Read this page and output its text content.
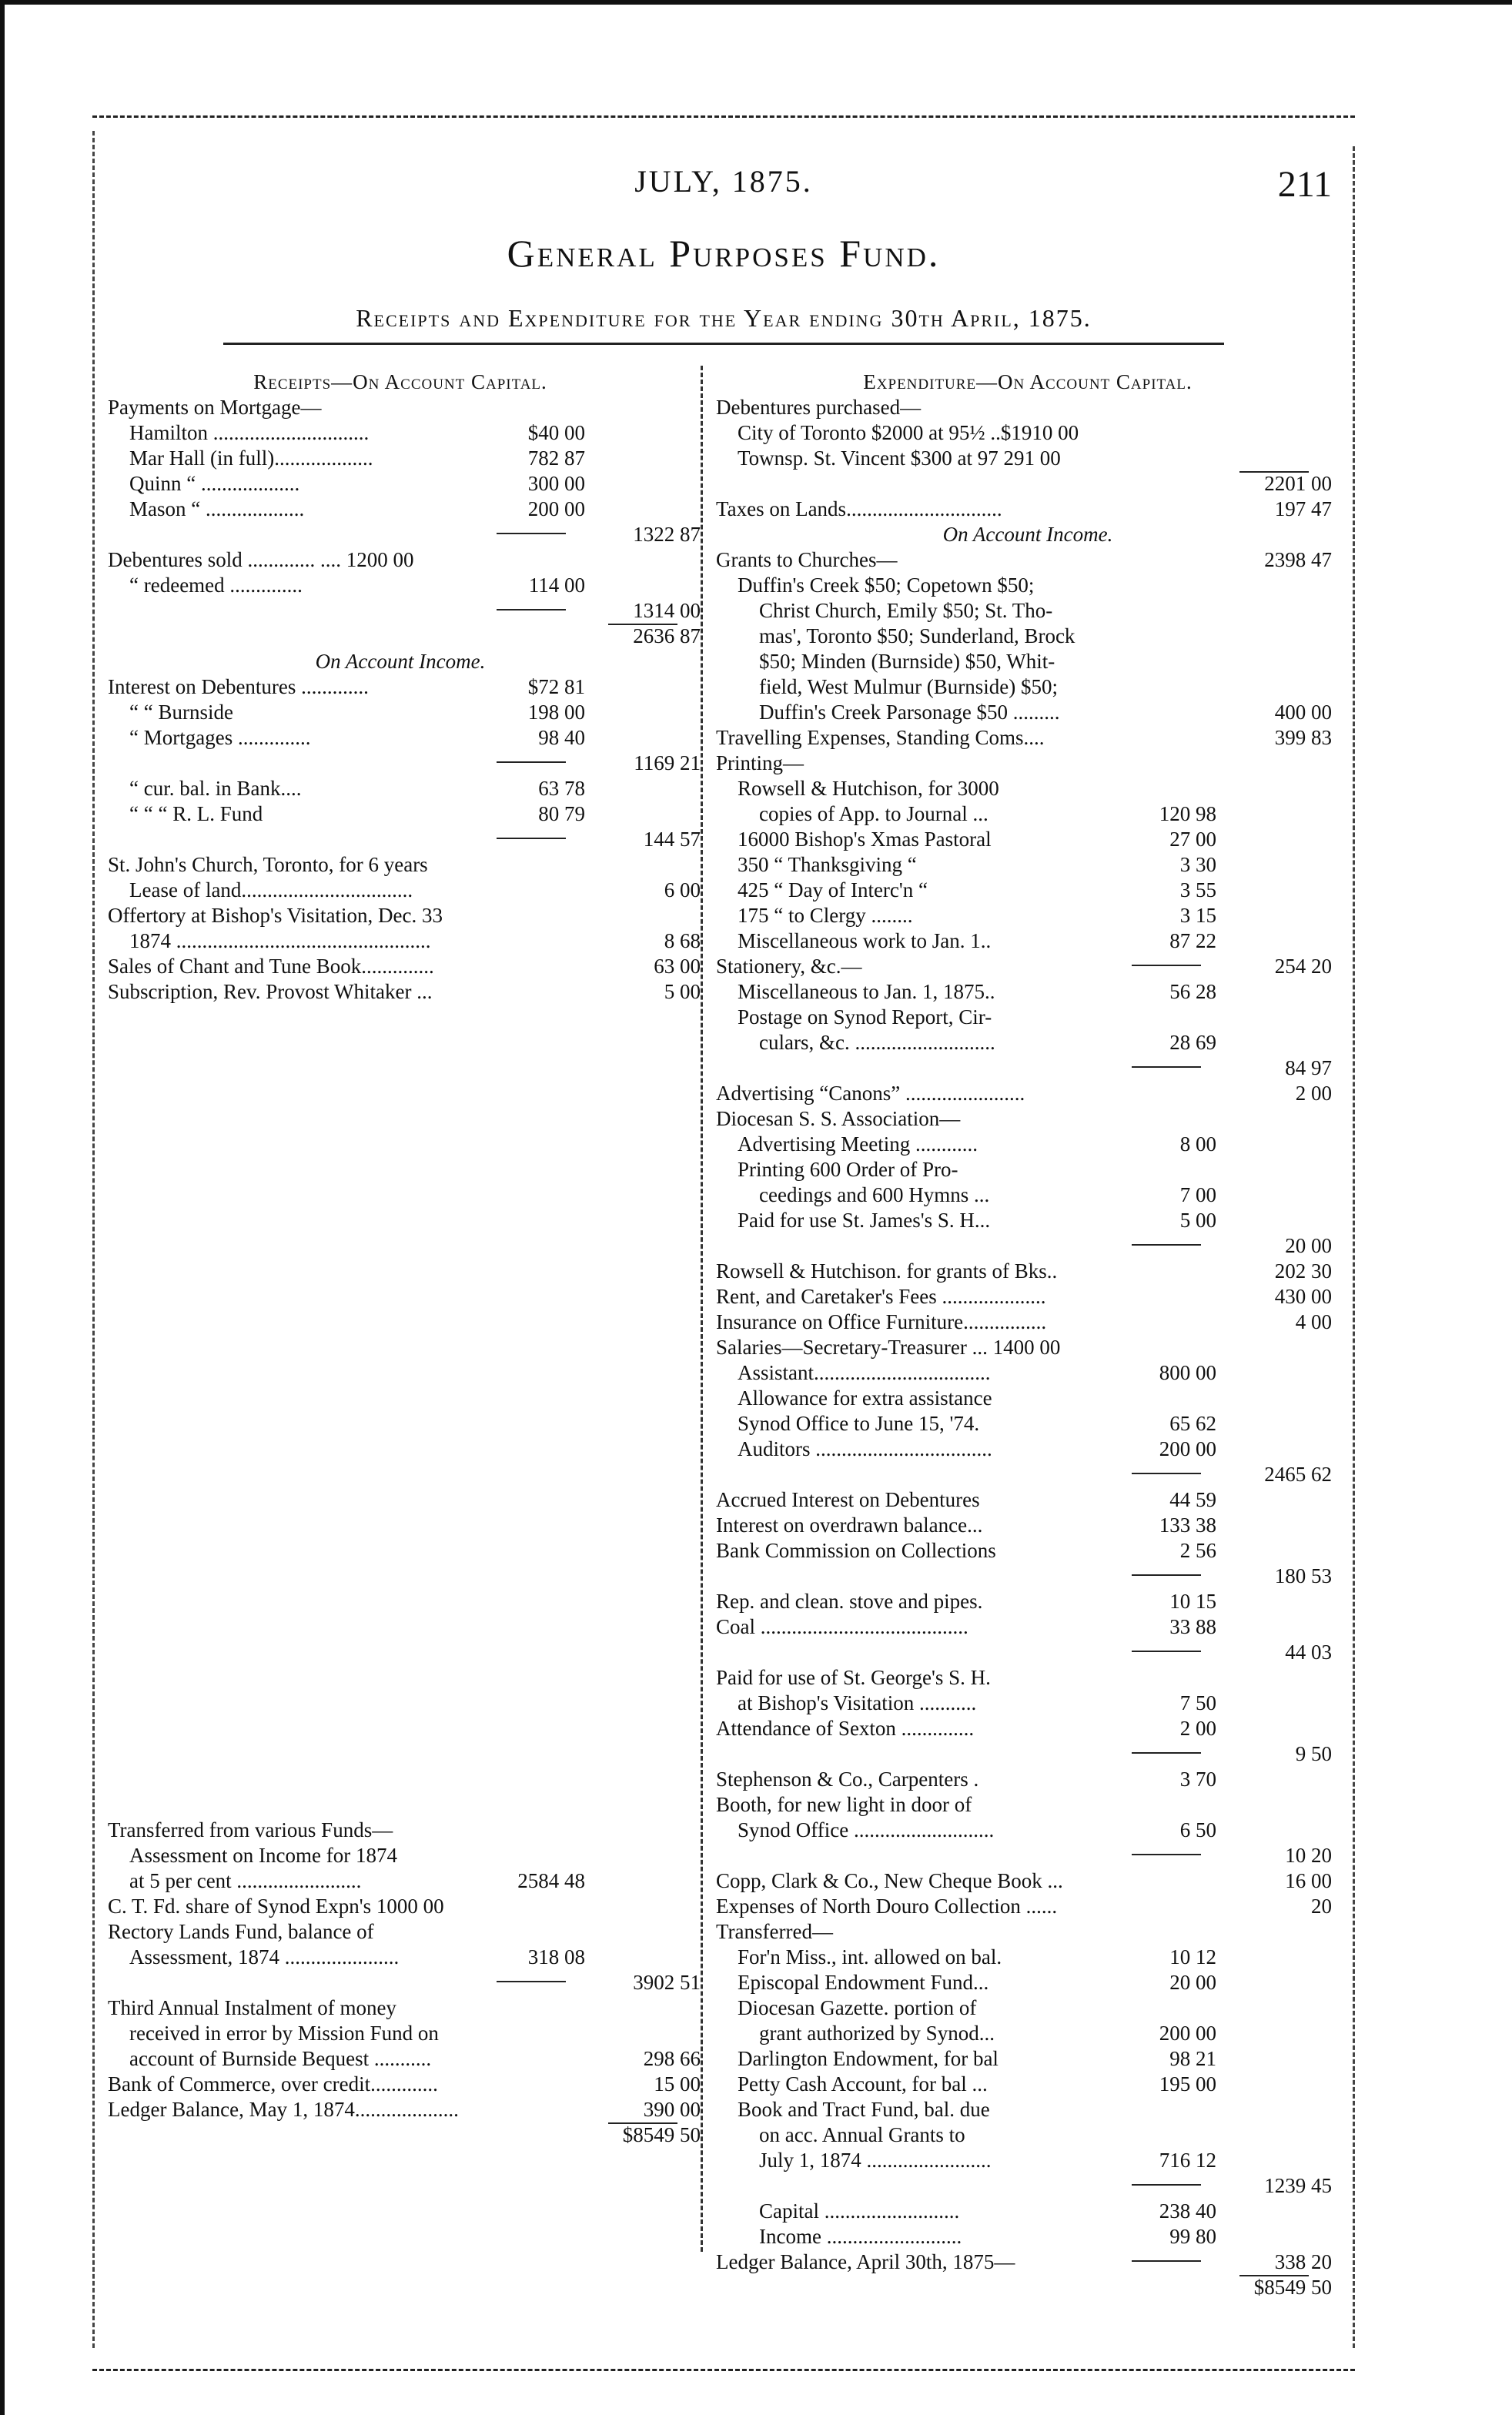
JULY, 1875.	211
General Purposes Fund.
Receipts and Expenditure for the Year ending 30th April, 1875.
Receipts—On Account Capital.
Payments on Mortgage—
Hamilton ..............................	$40 00
Mar Hall (in full)...................	782 87
Quinn “ ...................	300 00
Mason “ ...................	200 00
1322 87
Debentures sold ............. .... 1200 00
“ redeemed ..............	114 00
1314 00
2636 87
On Account Income.
Interest on Debentures .............	$72 81
“ “ Burnside	198 00
“ Mortgages ..............	98 40
1169 21
“ cur. bal. in Bank....	63 78
“ “ “ R. L. Fund	80 79
144 57
St. John's Church, Toronto, for 6 years
Lease of land.................................	6 00
Offertory at Bishop's Visitation, Dec. 33
1874 .................................................	8 68
Sales of Chant and Tune Book..............	63 00
Subscription, Rev. Provost Whitaker ...	5 00
Transferred from various Funds—
Assessment on Income for 1874
at 5 per cent ........................	2584 48
C. T. Fd. share of Synod Expn's 1000 00
Rectory Lands Fund, balance of
Assessment, 1874 ......................	318 08
3902 51
Third Annual Instalment of money
received in error by Mission Fund on
account of Burnside Bequest ...........	298 66
Bank of Commerce, over credit.............	15 00
Ledger Balance, May 1, 1874....................	390 00
$8549 50
Expenditure—On Account Capital.
Debentures purchased—
City of Toronto $2000 at 95½ ..$1910 00
Townsp. St. Vincent $300 at 97 291 00
2201 00
Taxes on Lands..............................	197 47
On Account Income.
Grants to Churches—	2398 47
Duffin's Creek $50; Copetown $50;
Christ Church, Emily $50; St. Tho-
mas', Toronto $50; Sunderland, Brock
$50; Minden (Burnside) $50, Whit-
field, West Mulmur (Burnside) $50;
Duffin's Creek Parsonage $50 .........	400 00
Travelling Expenses, Standing Coms....	399 83
Printing—
Rowsell & Hutchison, for 3000
copies of App. to Journal ...	120 98
16000 Bishop's Xmas Pastoral	27 00
350 “ Thanksgiving “	3 30
425 “ Day of Interc'n “	3 55
175 “ to Clergy ........	3 15
Miscellaneous work to Jan. 1..	87 22
Stationery, &c.—	254 20
Miscellaneous to Jan. 1, 1875..	56 28
Postage on Synod Report, Cir-
culars, &c. ...........................	28 69
84 97
Advertising “Canons” .......................	2 00
Diocesan S. S. Association—
Advertising Meeting ............	8 00
Printing 600 Order of Pro-
ceedings and 600 Hymns ...	7 00
Paid for use St. James's S. H...	5 00
20 00
Rowsell & Hutchison. for grants of Bks..	202 30
Rent, and Caretaker's Fees ....................	430 00
Insurance on Office Furniture................	4 00
Salaries—Secretary-Treasurer ... 1400 00
Assistant..................................	800 00
Allowance for extra assistance
Synod Office to June 15, '74.	65 62
Auditors ..................................	200 00
2465 62
Accrued Interest on Debentures	44 59
Interest on overdrawn balance...	133 38
Bank Commission on Collections	2 56
180 53
Rep. and clean. stove and pipes.	10 15
Coal ........................................	33 88
44 03
Paid for use of St. George's S. H.
at Bishop's Visitation ...........	7 50
Attendance of Sexton ..............	2 00
9 50
Stephenson & Co., Carpenters .	3 70
Booth, for new light in door of
Synod Office ...........................	6 50
10 20
Copp, Clark & Co., New Cheque Book ...	16 00
Expenses of North Douro Collection ......	20
Transferred—
For'n Miss., int. allowed on bal.	10 12
Episcopal Endowment Fund...	20 00
Diocesan Gazette. portion of
grant authorized by Synod...	200 00
Darlington Endowment, for bal	98 21
Petty Cash Account, for bal ...	195 00
Book and Tract Fund, bal. due
on acc. Annual Grants to
July 1, 1874 ........................	716 12
1239 45
Capital ..........................	238 40
Income ..........................	99 80
Ledger Balance, April 30th, 1875—	338 20
$8549 50
